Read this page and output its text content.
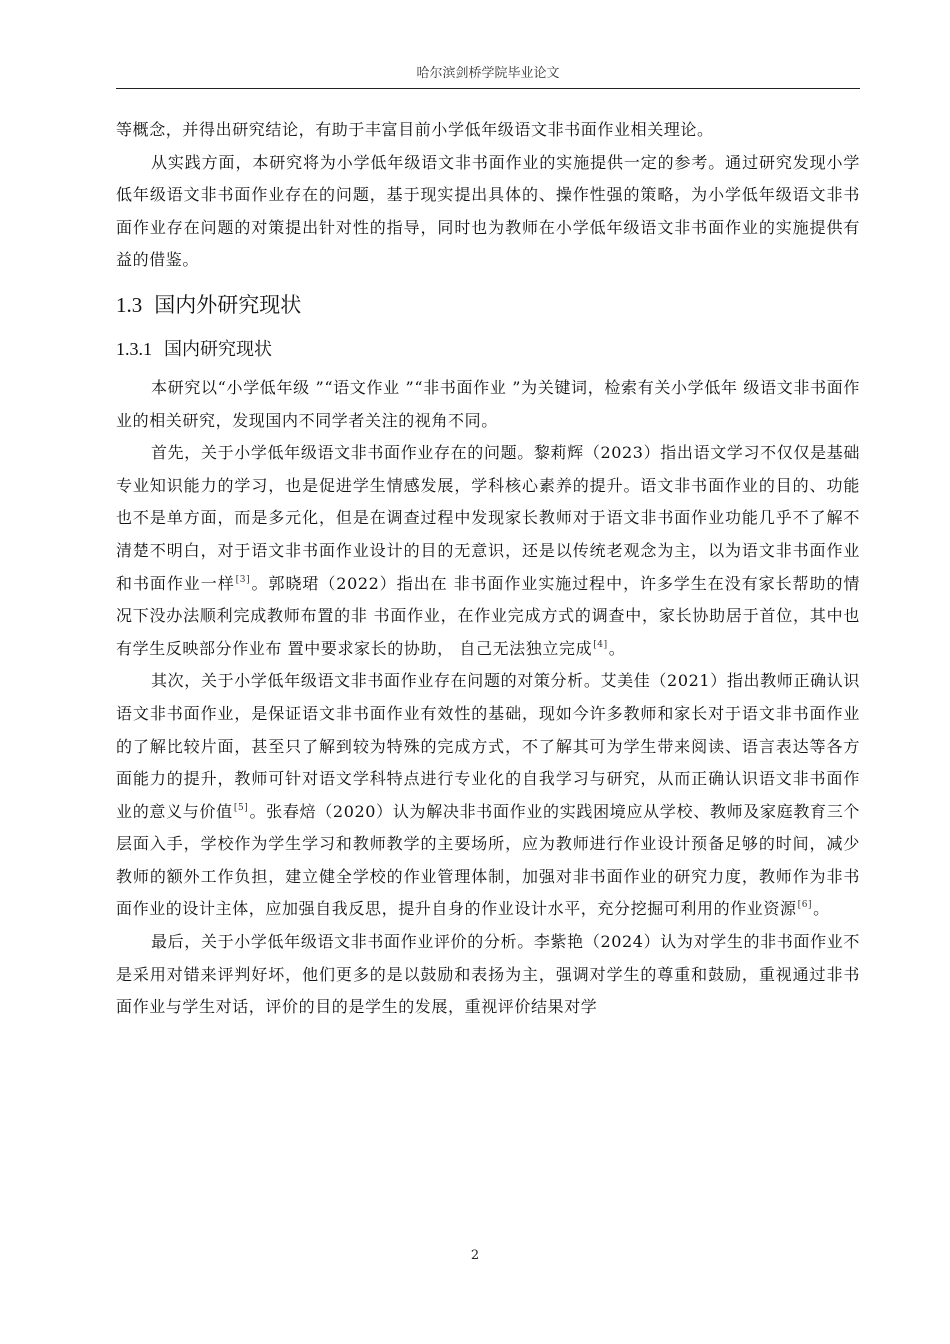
哈尔滨剑桥学院毕业论文

等概念，并得出研究结论，有助于丰富目前小学低年级语文非书面作业相关理论。

从实践方面，本研究将为小学低年级语文非书面作业的实施提供一定的参考。通过研究发现小学低年级语文非书面作业存在的问题，基于现实提出具体的、操作性强的策略，为小学低年级语文非书面作业存在问题的对策提出针对性的指导，同时也为教师在小学低年级语文非书面作业的实施提供有益的借鉴。

1.3 国内外研究现状
1.3.1 国内研究现状

本研究以“小学低年级 ”“语文作业 ”“非书面作业 ”为关键词，检索有关小学低年 级语文非书面作业的相关研究，发现国内不同学者关注的视角不同。

首先，关于小学低年级语文非书面作业存在的问题。黎莉辉（2023）指出语文学习不仅仅是基础专业知识能力的学习，也是促进学生情感发展，学科核心素养的提升。语文非书面作业的目的、功能也不是单方面，而是多元化，但是在调查过程中发现家长教师对于语文非书面作业功能几乎不了解不清楚不明白，对于语文非书面作业设计的目的无意识，还是以传统老观念为主，以为语文非书面作业和书面作业一样[3]。郭晓珺（2022）指出在 非书面作业实施过程中，许多学生在没有家长帮助的情况下没办法顺利完成教师布置的非 书面作业，在作业完成方式的调查中，家长协助居于首位，其中也有学生反映部分作业布 置中要求家长的协助， 自己无法独立完成[4]。

其次，关于小学低年级语文非书面作业存在问题的对策分析。艾美佳（2021）指出教师正确认识语文非书面作业，是保证语文非书面作业有效性的基础，现如今许多教师和家长对于语文非书面作业的了解比较片面，甚至只了解到较为特殊的完成方式，不了解其可为学生带来阅读、语言表达等各方面能力的提升，教师可针对语文学科特点进行专业化的自我学习与研究，从而正确认识语文非书面作业的意义与价值[5]。张春焙（2020）认为解决非书面作业的实践困境应从学校、教师及家庭教育三个层面入手，学校作为学生学习和教师教学的主要场所，应为教师进行作业设计预备足够的时间，减少教师的额外工作负担，建立健全学校的作业管理体制，加强对非书面作业的研究力度，教师作为非书面作业的设计主体，应加强自我反思，提升自身的作业设计水平，充分挖掘可利用的作业资源[6]。

最后，关于小学低年级语文非书面作业评价的分析。李紫艳（2024）认为对学生的非书面作业不是采用对错来评判好坏，他们更多的是以鼓励和表扬为主，强调对学生的尊重和鼓励，重视通过非书面作业与学生对话，评价的目的是学生的发展，重视评价结果对学

2
